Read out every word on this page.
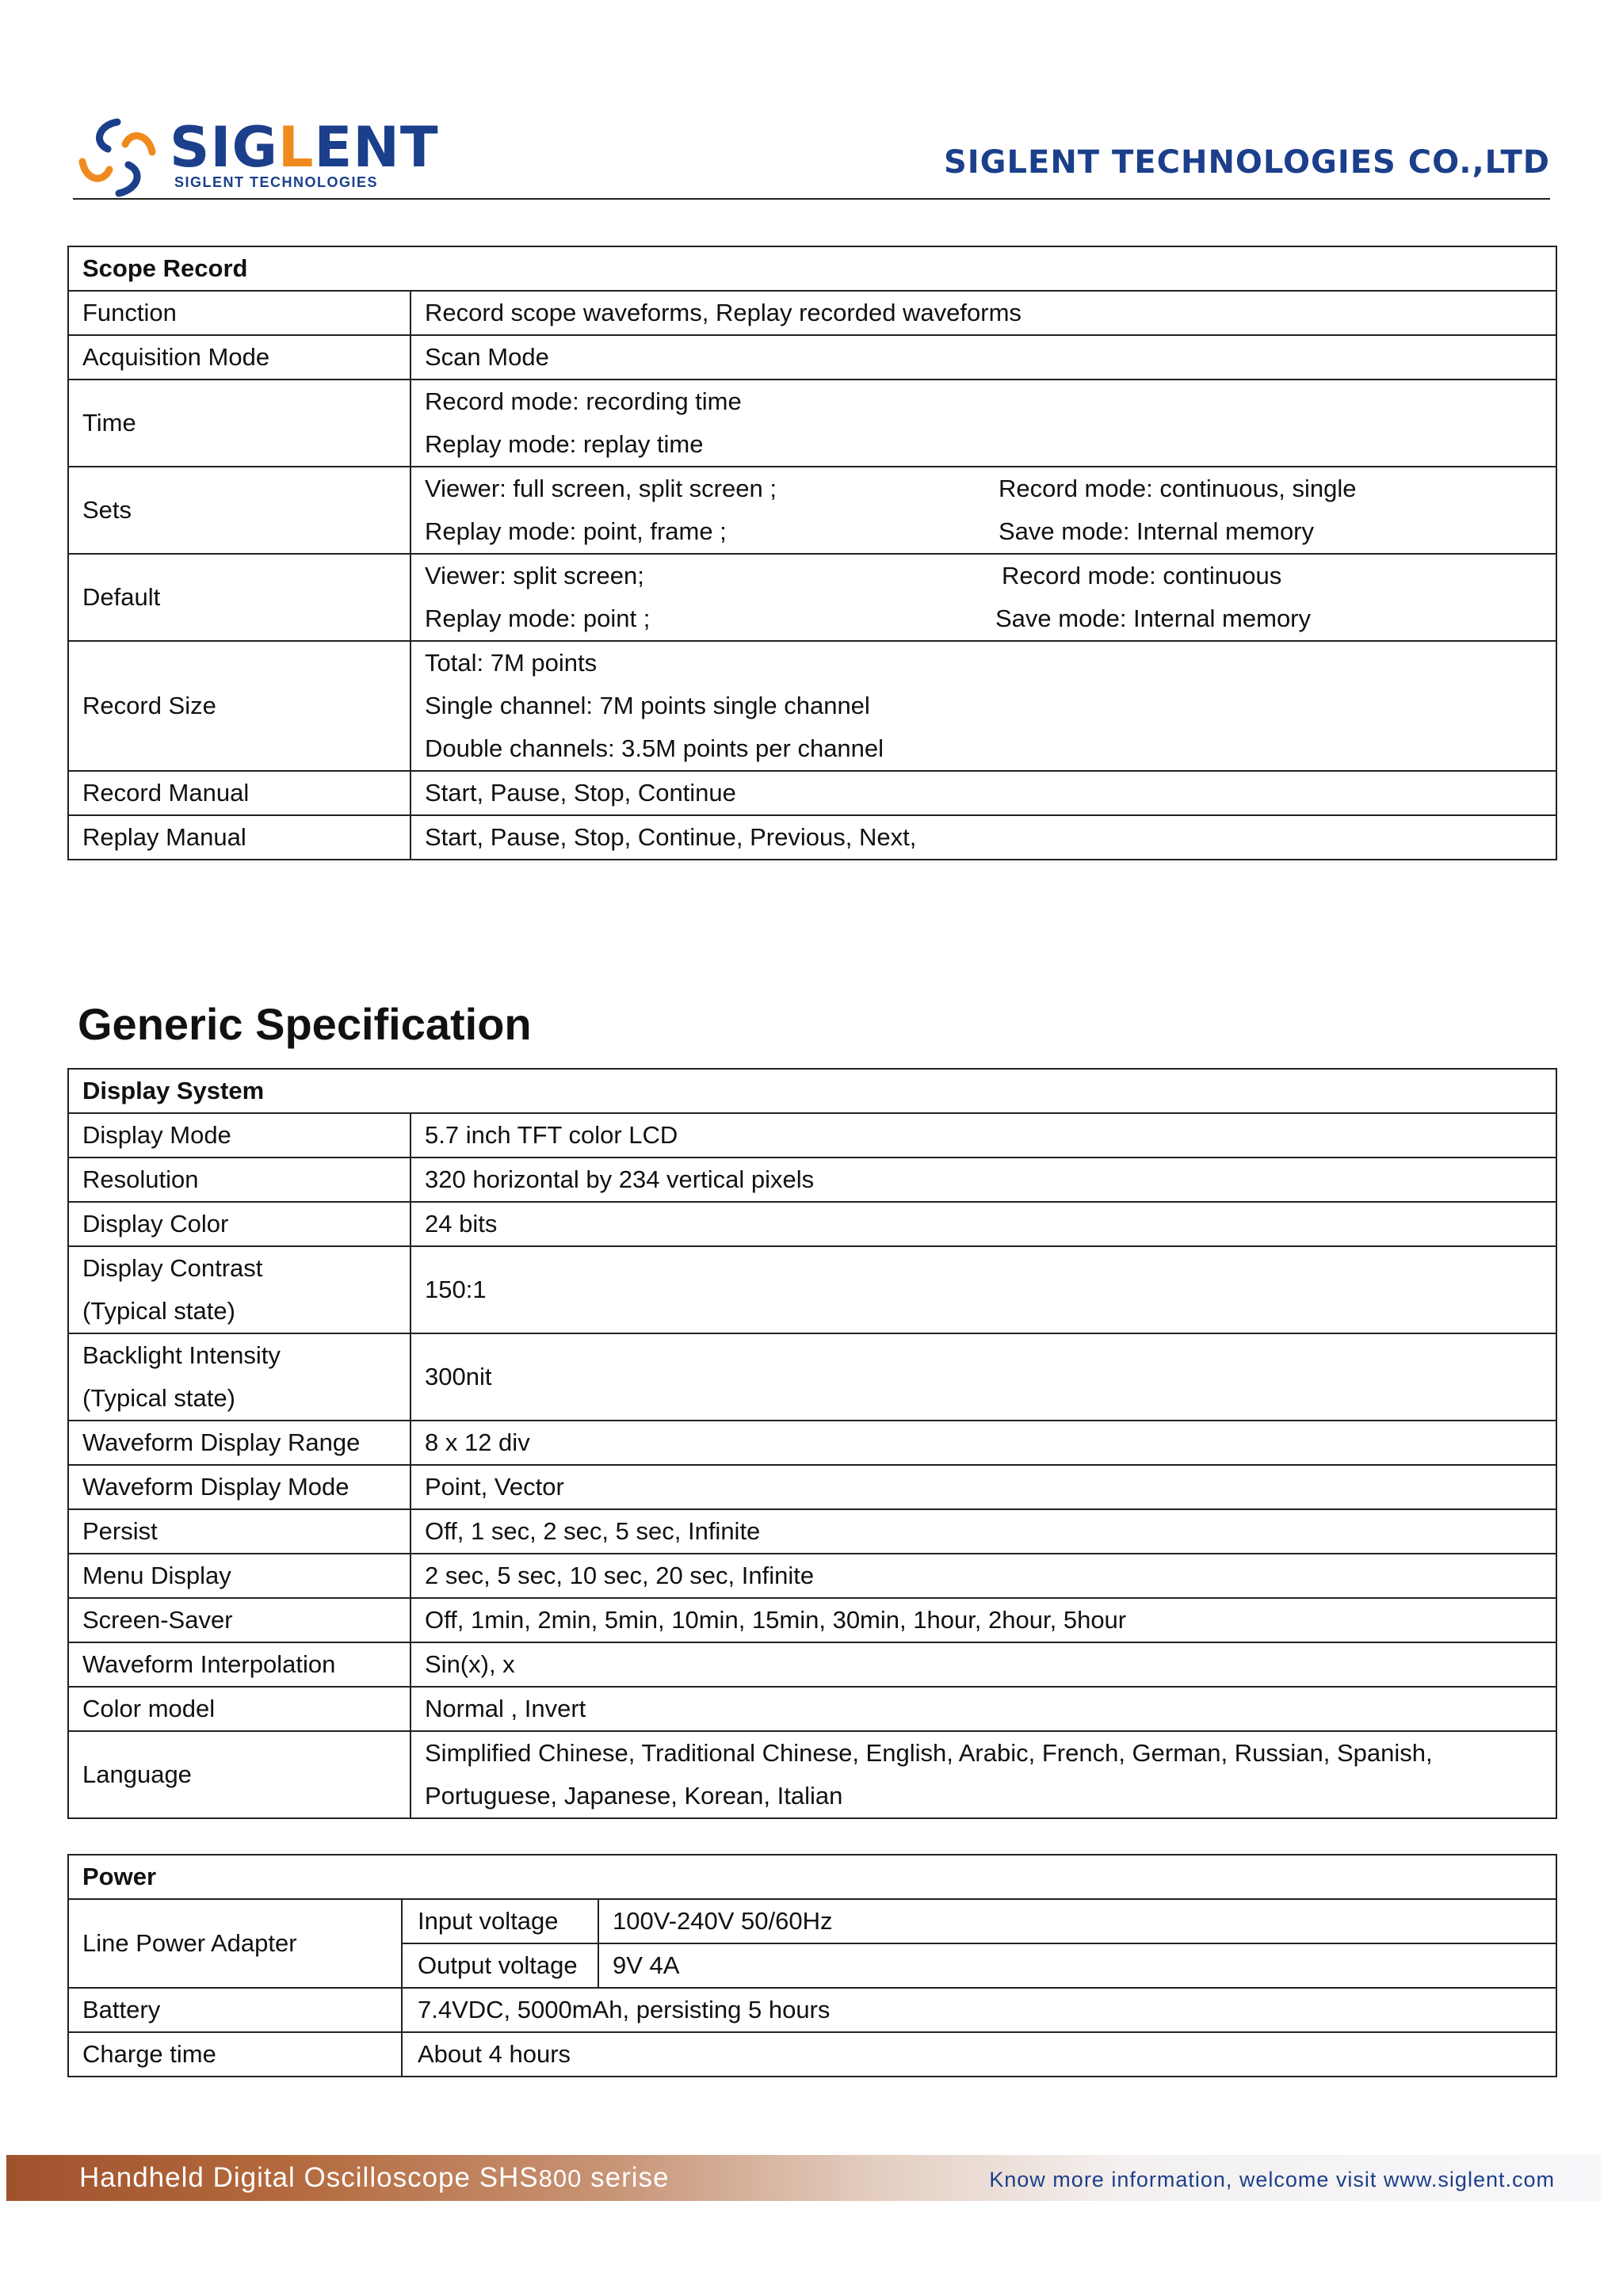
SIGLENT
SIGLENT TECHNOLOGIES
SIGLENT TECHNOLOGIES CO.,LTD
Scope Record	
Function	Record scope waveforms, Replay recorded waveforms
Acquisition Mode	Scan Mode
Time	Record mode: recording time
Replay mode: replay time

Sets	Viewer: full screen, split screen ; Record mode: continuous, single
Replay mode: point, frame ; Save mode: Internal memory

Default	Viewer: split screen; Record mode: continuous
Replay mode: point ; Save mode: Internal memory

Record Size	Total: 7M points
Single channel: 7M points single channel
Double channels: 3.5M points per channel

Record Manual	Start, Pause, Stop, Continue
Replay Manual	Start, Pause, Stop, Continue, Previous, Next,
Generic Specification
Display System	
Display Mode	5.7 inch TFT color LCD
Resolution	320 horizontal by 234 vertical pixels
Display Color	24 bits

Display Contrast
(Typical state)	150:1

Backlight Intensity
(Typical state)	300nit
Waveform Display Range	8 x 12 div
Waveform Display Mode	Point, Vector
Persist	Off, 1 sec, 2 sec, 5 sec, Infinite
Menu Display	2 sec, 5 sec, 10 sec, 20 sec, Infinite
Screen-Saver	Off, 1min, 2min, 5min, 10min, 15min, 30min, 1hour, 2hour, 5hour
Waveform Interpolation	Sin(x), x
Color model	Normal , Invert
Language	Simplified Chinese, Traditional Chinese, English, Arabic, French, German, Russian, Spanish,
Portuguese, Japanese, Korean, Italian
Power		
Line Power Adapter	Input voltage	100V-240V 50/60Hz
	Output voltage	9V 4A
Battery	7.4VDC, 5000mAh, persisting 5 hours	
Charge time	About 4 hours	
Handheld Digital Oscilloscope SHS800 serise	Know more information, welcome visit www.siglent.com
